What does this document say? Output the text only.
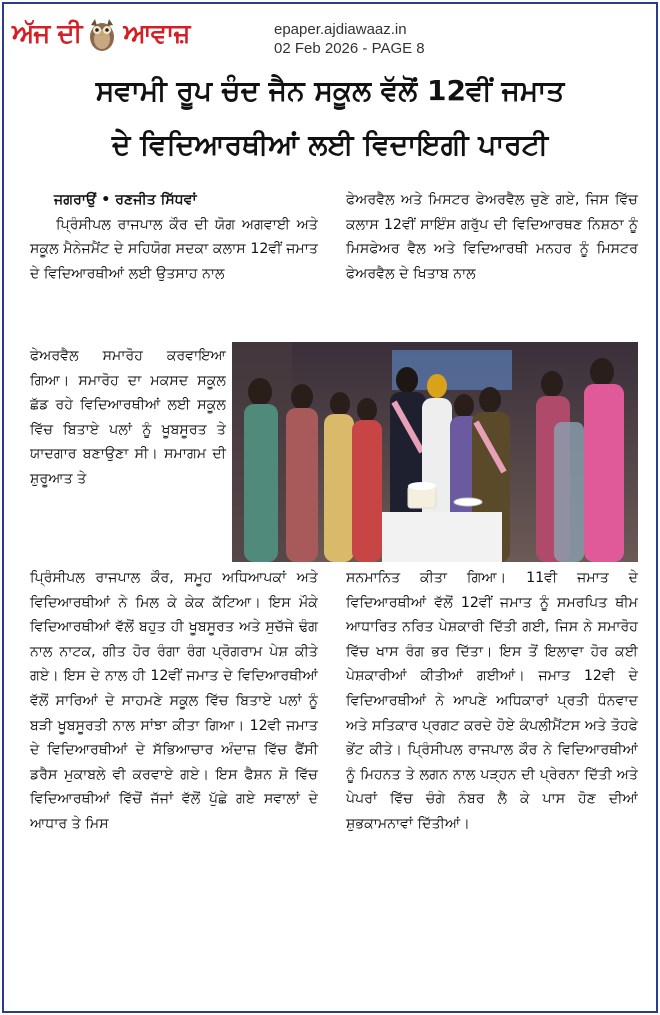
ਅੱਜ ਦੀ ਆਵਾਜ਼	epaper.ajdiawaaz.in
02 Feb 2026 - PAGE 8
ਸਵਾਮੀ ਰੂਪ ਚੰਦ ਜੈਨ ਸਕੂਲ ਵੱਲੋਂ 12ਵੀਂ ਜਮਾਤ
ਦੇ ਵਿਦਿਆਰਥੀਆਂ ਲਈ ਵਿਦਾਇਗੀ ਪਾਰਟੀ

ਜਗਰਾਉਂ • ਰਣਜੀਤ ਸਿੱਧਵਾਂ

ਪ੍ਰਿੰਸੀਪਲ ਰਾਜਪਾਲ ਕੌਰ ਦੀ ਯੋਗ ਅਗਵਾਈ ਅਤੇ ਸਕੂਲ ਮੈਨੇਜਮੈਂਟ ਦੇ ਸਹਿਯੋਗ ਸਦਕਾ ਕਲਾਸ 12ਵੀਂ ਜਮਾਤ ਦੇ ਵਿਦਿਆਰਥੀਆਂ ਲਈ ਉਤਸਾਹ ਨਾਲ

ਫੇਅਰਵੈਲ ਸਮਾਰੋਹ ਕਰਵਾਇਆ ਗਿਆ। ਸਮਾਰੋਹ ਦਾ ਮਕਸਦ ਸਕੂਲ ਛੱਡ ਰਹੇ ਵਿਦਿਆਰਥੀਆਂ ਲਈ ਸਕੂਲ ਵਿੱਚ ਬਿਤਾਏ ਪਲਾਂ ਨੂੰ ਖੂਬਸੂਰਤ ਤੇ ਯਾਦਗਾਰ ਬਣਾਉਣਾ ਸੀ। ਸਮਾਗਮ ਦੀ ਸ਼ੁਰੂਆਤ ਤੇ

ਪ੍ਰਿੰਸੀਪਲ ਰਾਜਪਾਲ ਕੌਰ, ਸਮੂਹ ਅਧਿਆਪਕਾਂ ਅਤੇ ਵਿਦਿਆਰਥੀਆਂ ਨੇ ਮਿਲ ਕੇ ਕੇਕ ਕੱਟਿਆ। ਇਸ ਮੌਕੇ ਵਿਦਿਆਰਥੀਆਂ ਵੱਲੋਂ ਬਹੁਤ ਹੀ ਖੂਬਸੂਰਤ ਅਤੇ ਸੁਚੱਜੇ ਢੰਗ ਨਾਲ ਨਾਟਕ, ਗੀਤ ਹੋਰ ਰੰਗਾ ਰੰਗ ਪ੍ਰੋਗਰਾਮ ਪੇਸ਼ ਕੀਤੇ ਗਏ। ਇਸ ਦੇ ਨਾਲ ਹੀ 12ਵੀਂ ਜਮਾਤ ਦੇ ਵਿਦਿਆਰਥੀਆਂ ਵੱਲੋਂ ਸਾਰਿਆਂ ਦੇ ਸਾਹਮਣੇ ਸਕੂਲ ਵਿੱਚ ਬਿਤਾਏ ਪਲਾਂ ਨੂੰ ਬੜੀ ਖੂਬਸੂਰਤੀ ਨਾਲ ਸਾਂਝਾ ਕੀਤਾ ਗਿਆ। 12ਵੀ ਜਮਾਤ ਦੇ ਵਿਦਿਆਰਥੀਆਂ ਦੇ ਸੱਭਿਆਚਾਰ ਅੰਦਾਜ਼ ਵਿੱਚ ਫੈਂਸੀ ਡਰੈਸ ਮੁਕਾਬਲੇ ਵੀ ਕਰਵਾਏ ਗਏ। ਇਸ ਫੈਸ਼ਨ ਸ਼ੋ ਵਿੱਚ ਵਿਦਿਆਰਥੀਆਂ ਵਿੱਚੋਂ ਜੱਜਾਂ ਵੱਲੋਂ ਪੁੱਛੇ ਗਏ ਸਵਾਲਾਂ ਦੇ ਆਧਾਰ ਤੇ ਮਿਸ

ਫੇਅਰਵੈਲ ਅਤੇ ਮਿਸਟਰ ਫੇਅਰਵੈਲ ਚੁਣੇ ਗਏ, ਜਿਸ ਵਿੱਚ ਕਲਾਸ 12ਵੀਂ ਸਾਇੰਸ ਗਰੁੱਪ ਦੀ ਵਿਦਿਆਰਥਣ ਨਿਸ਼ਠਾ ਨੂੰ ਮਿਸਫੇਅਰ ਵੈਲ ਅਤੇ ਵਿਦਿਆਰਥੀ ਮਨਹਰ ਨੂੰ ਮਿਸਟਰ ਫੇਅਰਵੈਲ ਦੇ ਖਿਤਾਬ ਨਾਲ

ਸਨਮਾਨਿਤ ਕੀਤਾ ਗਿਆ। 11ਵੀ ਜਮਾਤ ਦੇ ਵਿਦਿਆਰਥੀਆਂ ਵੱਲੋਂ 12ਵੀਂ ਜਮਾਤ ਨੂੰ ਸਮਰਪਿਤ ਥੀਮ ਆਧਾਰਿਤ ਨਰਿਤ ਪੇਸ਼ਕਾਰੀ ਦਿੱਤੀ ਗਈ, ਜਿਸ ਨੇ ਸਮਾਰੋਹ ਵਿੱਚ ਖਾਸ ਰੰਗ ਭਰ ਦਿੱਤਾ। ਇਸ ਤੋਂ ਇਲਾਵਾ ਹੋਰ ਕਈ ਪੇਸ਼ਕਾਰੀਆਂ ਕੀਤੀਆਂ ਗਈਆਂ। ਜਮਾਤ 12ਵੀ ਦੇ ਵਿਦਿਆਰਥੀਆਂ ਨੇ ਆਪਣੇ ਅਧਿਕਾਰਾਂ ਪ੍ਰਤੀ ਧੰਨਵਾਦ ਅਤੇ ਸਤਿਕਾਰ ਪ੍ਰਗਟ ਕਰਦੇ ਹੋਏ ਕੰਪਲੀਮੈਂਟਸ ਅਤੇ ਤੋਹਫੇ ਭੇਂਟ ਕੀਤੇ। ਪ੍ਰਿੰਸੀਪਲ ਰਾਜਪਾਲ ਕੌਰ ਨੇ ਵਿਦਿਆਰਥੀਆਂ ਨੂੰ ਮਿਹਨਤ ਤੇ ਲਗਨ ਨਾਲ ਪੜ੍ਹਨ ਦੀ ਪ੍ਰੇਰਨਾ ਦਿੱਤੀ ਅਤੇ ਪੇਪਰਾਂ ਵਿੱਚ ਚੰਗੇ ਨੰਬਰ ਲੈ ਕੇ ਪਾਸ ਹੋਣ ਦੀਆਂ ਸ਼ੁਭਕਾਮਨਾਵਾਂ ਦਿੱਤੀਆਂ।
